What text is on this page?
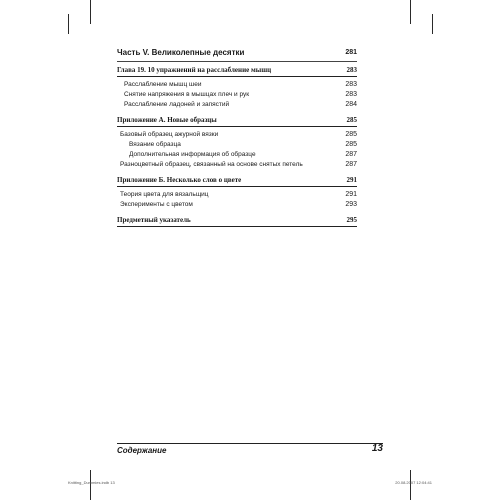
Часть V. Великолепные десятки	281
Глава 19. 10 упражнений на расслабление мышц	283
Расслабление мышц шеи	283
Снятие напряжения в мышцах плеч и рук	283
Расслабление ладоней и запястий	284
Приложение А. Новые образцы	285
Базовый образец ажурной вязки	285
Вязание образца	285
Дополнительная информация об образце	287
Разноцветный образец, связанный на основе снятых петель	287
Приложение Б. Несколько слов о цвете	291
Теория цвета для вязальщиц	291
Эксперименты с цветом	293
Предметный указатель	295
Содержание	13
Knitting_Dummies.indb 13	20.08.2007 12:04:41
